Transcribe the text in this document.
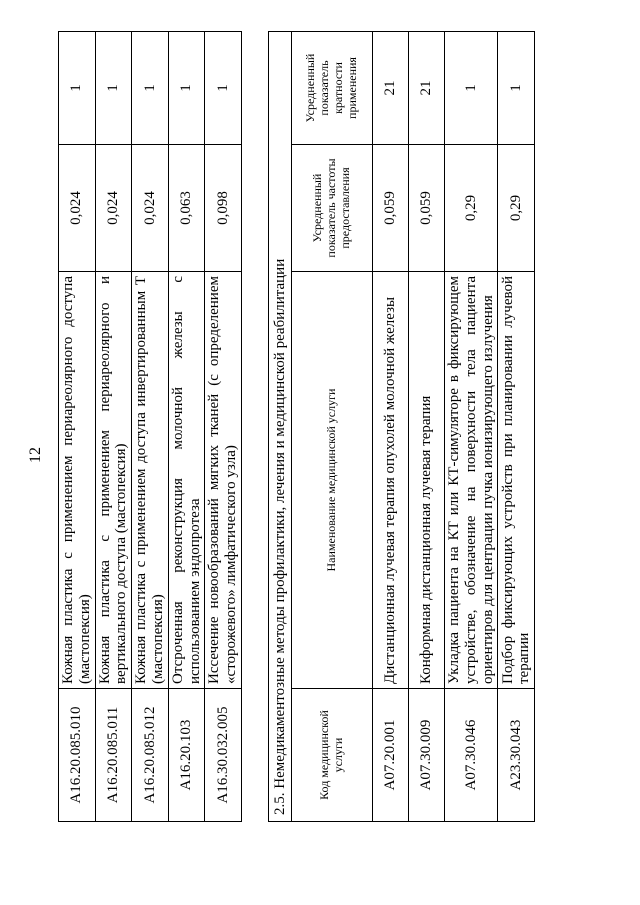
12
A16.20.085.010	Кожная пластика с применением периареолярного доступа (мастопексия)	0,024	1
A16.20.085.011	Кожная пластика с применением периареолярного и вертикального доступа (мастопексия)	0,024	1
A16.20.085.012	Кожная пластика с применением доступа инвертированным Т (мастопексия)	0,024	1
A16.20.103	Отсроченная реконструкция молочной железы с использованием эндопротеза	0,063	1
A16.30.032.005	Иссечение новообразований мягких тканей (с определением «сторожевого» лимфатического узла)	0,098	1
2.5. Немедикаментозные методы профилактики, лечения и медицинской реабилитации			
Код медицинской услуги	Наименование медицинской услуги	Усредненный показатель частоты предоставления	Усредненный показатель кратности применения
A07.20.001	Дистанционная лучевая терапия опухолей молочной железы	0,059	21
A07.30.009	Конформная дистанционная лучевая терапия	0,059	21
A07.30.046	Укладка пациента на КТ или КТ-симуляторе в фиксирующем устройстве, обозначение на поверхности тела пациента ориентиров для центрации пучка ионизирующего излучения	0,29	1
A23.30.043	Подбор фиксирующих устройств при планировании лучевой терапии	0,29	1
